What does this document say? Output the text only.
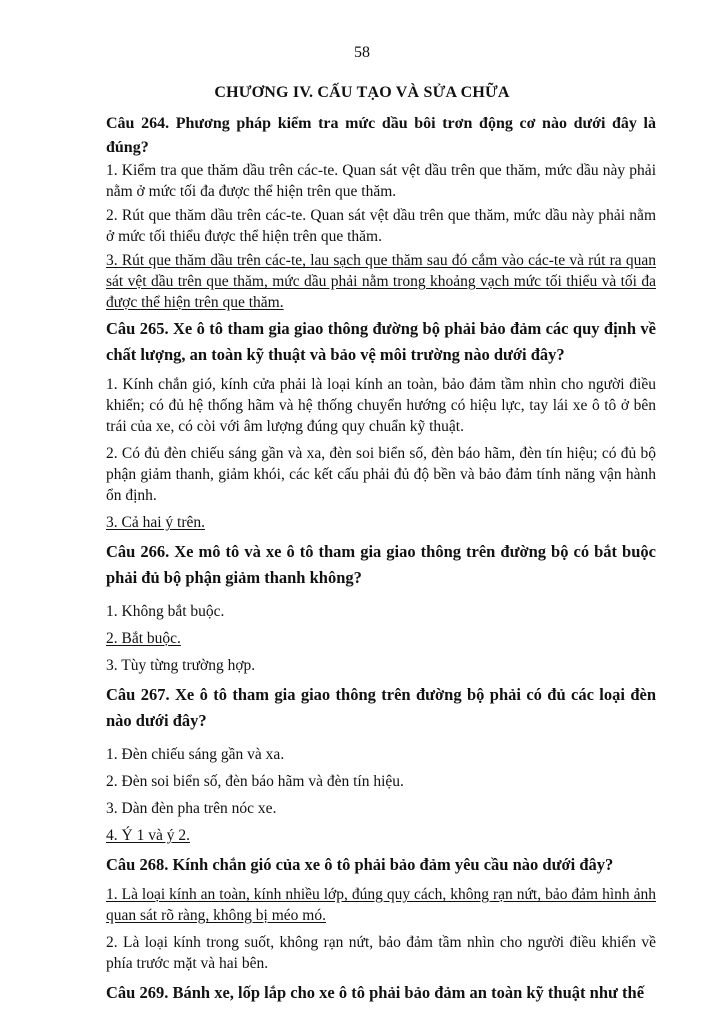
58
CHƯƠNG IV. CẤU TẠO VÀ SỬA CHỮA

Câu 264. Phương pháp kiểm tra mức dầu bôi trơn động cơ nào dưới đây là đúng?

1. Kiểm tra que thăm dầu trên các-te. Quan sát vệt dầu trên que thăm, mức dầu này phải nằm ở mức tối đa được thể hiện trên que thăm.

2. Rút que thăm dầu trên các-te. Quan sát vệt dầu trên que thăm, mức dầu này phải nằm ở mức tối thiểu được thể hiện trên que thăm.

3. Rút que thăm dầu trên các-te, lau sạch que thăm sau đó cắm vào các-te và rút ra quan sát vệt dầu trên que thăm, mức dầu phải nằm trong khoảng vạch mức tối thiểu và tối đa được thể hiện trên que thăm.

Câu 265. Xe ô tô tham gia giao thông đường bộ phải bảo đảm các quy định về chất lượng, an toàn kỹ thuật và bảo vệ môi trường nào dưới đây?

1. Kính chắn gió, kính cửa phải là loại kính an toàn, bảo đảm tầm nhìn cho người điều khiển; có đủ hệ thống hãm và hệ thống chuyển hướng có hiệu lực, tay lái xe ô tô ở bên trái của xe, có còi với âm lượng đúng quy chuẩn kỹ thuật.

2. Có đủ đèn chiếu sáng gần và xa, đèn soi biển số, đèn báo hãm, đèn tín hiệu; có đủ bộ phận giảm thanh, giảm khói, các kết cấu phải đủ độ bền và bảo đảm tính năng vận hành ổn định.

3. Cả hai ý trên.

Câu 266. Xe mô tô và xe ô tô tham gia giao thông trên đường bộ có bắt buộc phải đủ bộ phận giảm thanh không?

1. Không bắt buộc.

2. Bắt buộc.

3. Tùy từng trường hợp.

Câu 267. Xe ô tô tham gia giao thông trên đường bộ phải có đủ các loại đèn nào dưới đây?

1. Đèn chiếu sáng gần và xa.

2. Đèn soi biển số, đèn báo hãm và đèn tín hiệu.

3. Dàn đèn pha trên nóc xe.

4. Ý 1 và ý 2.

Câu 268. Kính chắn gió của xe ô tô phải bảo đảm yêu cầu nào dưới đây?

1. Là loại kính an toàn, kính nhiều lớp, đúng quy cách, không rạn nứt, bảo đảm hình ảnh quan sát rõ ràng, không bị méo mó.

2. Là loại kính trong suốt, không rạn nứt, bảo đảm tầm nhìn cho người điều khiển về phía trước mặt và hai bên.

Câu 269. Bánh xe, lốp lắp cho xe ô tô phải bảo đảm an toàn kỹ thuật như thế
